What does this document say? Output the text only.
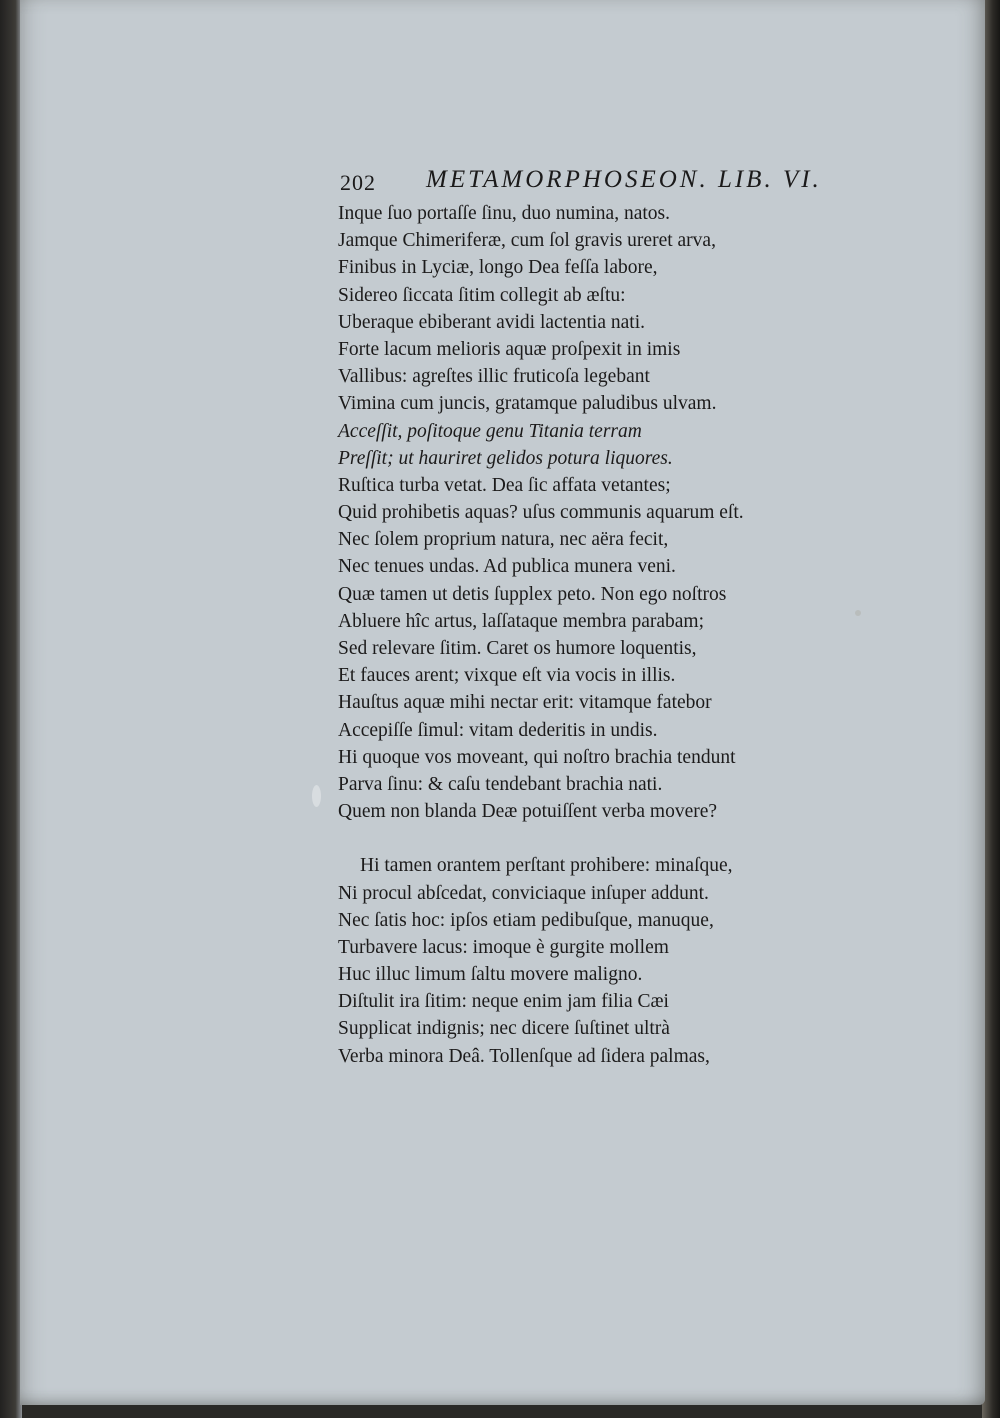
202 METAMORPHOSEON. LIB. VI.
Inque ſuo portaſſe ſinu, duo numina, natos.
Jamque Chimeriferæ, cum ſol gravis ureret arva,
Finibus in Lyciæ, longo Dea feſſa labore,
Sidereo ſiccata ſitim collegit ab æſtu:
Uberaque ebiberant avidi lactentia nati.
Forte lacum melioris aquæ proſpexit in imis
Vallibus: agreſtes illic fruticoſa legebant
Vimina cum juncis, gratamque paludibus ulvam.
Acceſſit, poſitoque genu Titania terram
Preſſit; ut hauriret gelidos potura liquores.
Ruſtica turba vetat. Dea ſic affata vetantes;
Quid prohibetis aquas? uſus communis aquarum eſt.
Nec ſolem proprium natura, nec aëra fecit,
Nec tenues undas. Ad publica munera veni.
Quæ tamen ut detis ſupplex peto. Non ego noſtros
Abluere hîc artus, laſſataque membra parabam;
Sed relevare ſitim. Caret os humore loquentis,
Et fauces arent; vixque eſt via vocis in illis.
Hauſtus aquæ mihi nectar erit: vitamque fatebor
Accepiſſe ſimul: vitam dederitis in undis.
Hi quoque vos moveant, qui noſtro brachia tendunt
Parva ſinu: & caſu tendebant brachia nati.
Quem non blanda Deæ potuiſſent verba movere?
Hi tamen orantem perſtant prohibere: minaſque,
Ni procul abſcedat, conviciaque inſuper addunt.
Nec ſatis hoc: ipſos etiam pedibuſque, manuque,
Turbavere lacus: imoque è gurgite mollem
Huc illuc limum ſaltu movere maligno.
Diſtulit ira ſitim: neque enim jam filia Cæi
Supplicat indignis; nec dicere ſuſtinet ultrà
Verba minora Deâ. Tollenſque ad ſidera palmas,
